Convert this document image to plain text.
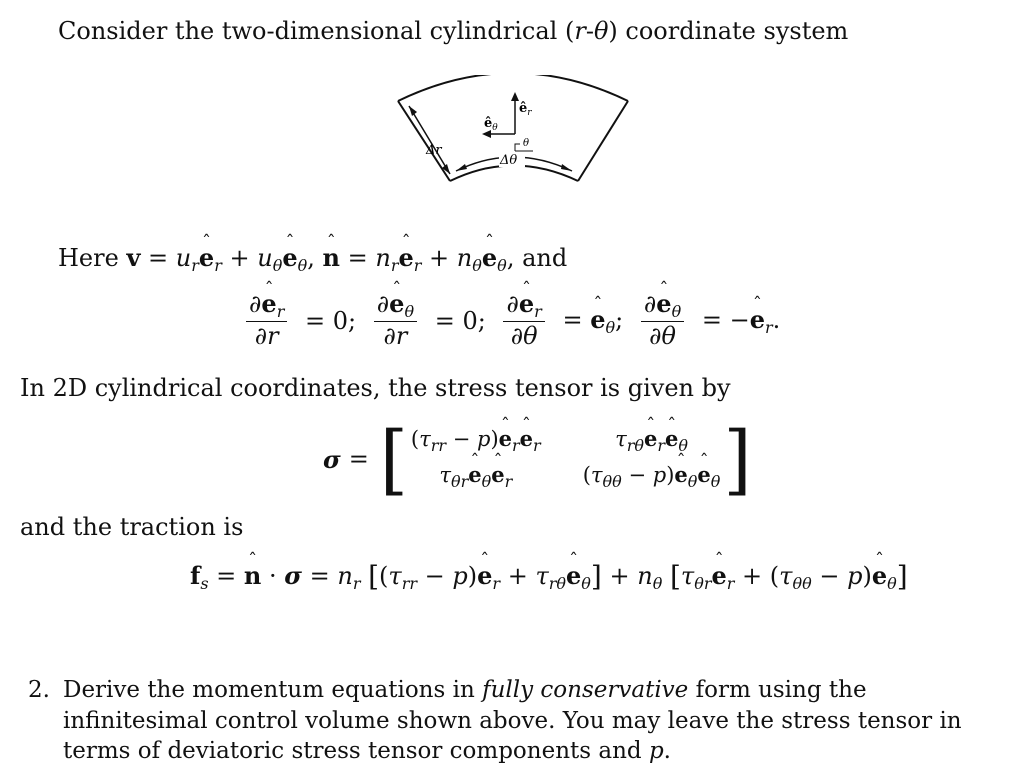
Consider the two-dimensional cylindrical (r-θ) coordinate system
Δr
Δθ
$ê_\theta$
$ê_r$
θ
Here $v = u_rˆ$ $e_r$ + $u_\theta ˆ$ $e_\theta$, ˆ $n = n_rˆ$ $e_r$ + $n_\theta ˆ$ $e_\theta$, and
$\frac{\partial ˆ e_r}{\partial r} = 0$; $\frac{\partial ˆ e_\theta}{\partial r} = 0$; $\frac{\partial ˆ e_r}{\partial\theta}$ = ˆ $e_\theta$; $\frac{\partial ˆ e_\theta}{\partial\theta}$ = −ˆ $e_r$.
In 2D cylindrical coordinates, the stress tensor is given by
σ = [ ($\tau_{rr}$ − p)ˆ $e_rˆ$ $e_r$	$\tau_{r\theta}ˆ$ $e_rˆ$ $e_\theta$
$\tau_{\theta r}ˆ$ $e_\theta ˆ$ $e_r$	($\tau_{\theta\theta}$ − p)ˆ $e_\theta ˆ$ $e_\theta$ ]
and the traction is
$f_s$ = ˆ $n \cdot \sigma = n_r$ [($\tau_{rr}$ − p)ˆ $e_r$ + $\tau_{r\theta}ˆ$ $e_\theta] + n_\theta$ [$\tau_{\theta r}ˆ$ $e_r + (\tau_{\theta\theta}$ − p)ˆ $e_\theta$]
2. Derive the momentum equations in fully conservative form using the infinitesimal control volume shown above. You may leave the stress tensor in terms of deviatoric stress tensor components and p.
